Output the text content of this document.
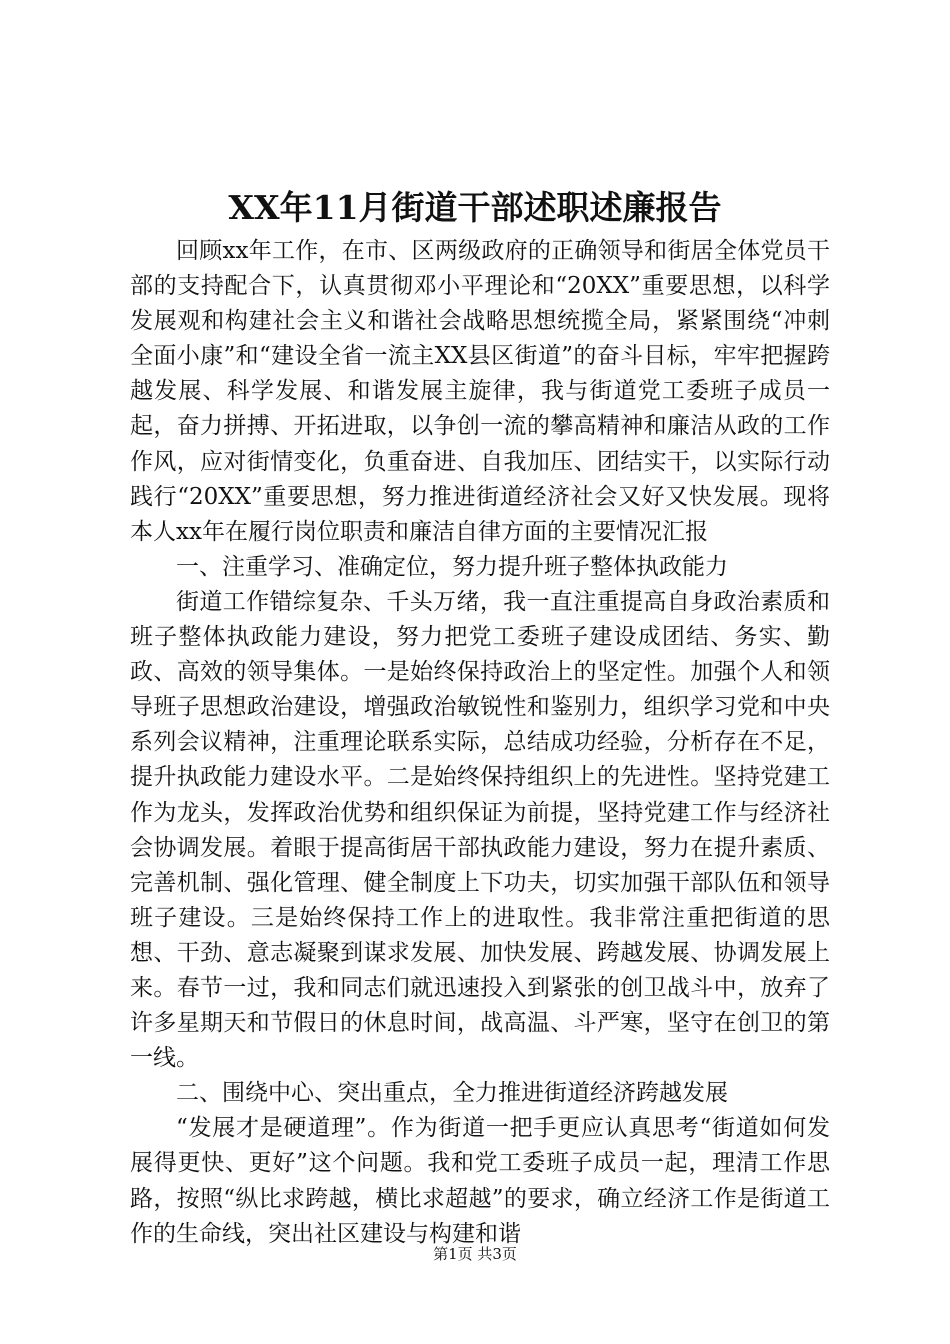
XX年11月街道干部述职述廉报告

回顾xx年工作，在市、区两级政府的正确领导和街居全体党员干部的支持配合下，认真贯彻邓小平理论和“20XX”重要思想，以科学发展观和构建社会主义和谐社会战略思想统揽全局，紧紧围绕“冲刺全面小康”和“建设全省一流主XX县区街道”的奋斗目标，牢牢把握跨越发展、科学发展、和谐发展主旋律，我与街道党工委班子成员一起，奋力拼搏、开拓进取，以争创一流的攀高精神和廉洁从政的工作作风，应对街情变化，负重奋进、自我加压、团结实干，以实际行动践行“20XX”重要思想，努力推进街道经济社会又好又快发展。现将本人xx年在履行岗位职责和廉洁自律方面的主要情况汇报

一、注重学习、准确定位，努力提升班子整体执政能力

街道工作错综复杂、千头万绪，我一直注重提高自身政治素质和班子整体执政能力建设，努力把党工委班子建设成团结、务实、勤政、高效的领导集体。一是始终保持政治上的坚定性。加强个人和领导班子思想政治建设，增强政治敏锐性和鉴别力，组织学习党和中央系列会议精神，注重理论联系实际，总结成功经验，分析存在不足，提升执政能力建设水平。二是始终保持组织上的先进性。坚持党建工作为龙头，发挥政治优势和组织保证为前提，坚持党建工作与经济社会协调发展。着眼于提高街居干部执政能力建设，努力在提升素质、完善机制、强化管理、健全制度上下功夫，切实加强干部队伍和领导班子建设。三是始终保持工作上的进取性。我非常注重把街道的思想、干劲、意志凝聚到谋求发展、加快发展、跨越发展、协调发展上来。春节一过，我和同志们就迅速投入到紧张的创卫战斗中，放弃了许多星期天和节假日的休息时间，战高温、斗严寒，坚守在创卫的第一线。

二、围绕中心、突出重点，全力推进街道经济跨越发展

“发展才是硬道理”。作为街道一把手更应认真思考“街道如何发展得更快、更好”这个问题。我和党工委班子成员一起，理清工作思路，按照“纵比求跨越，横比求超越”的要求，确立经济工作是街道工作的生命线，突出社区建设与构建和谐

第1页 共3页
